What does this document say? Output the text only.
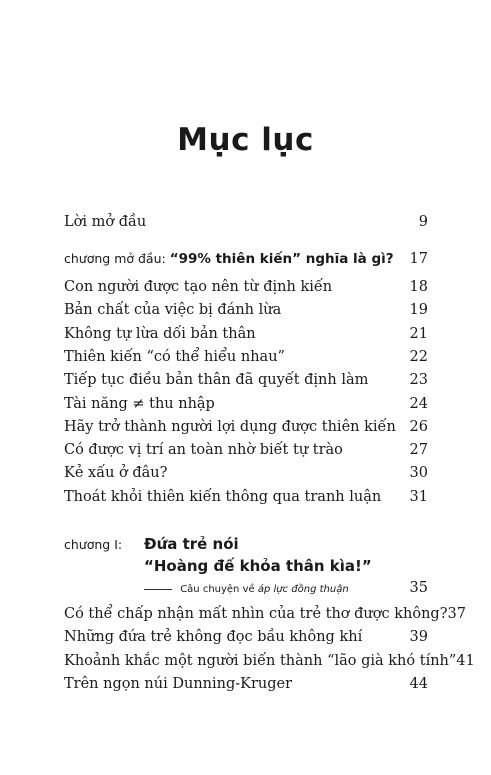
Mục lục
Lời mở đầu	9
chương mở đầu: “99% thiên kiến” nghĩa là gì? 17
Con người được tạo nên từ định kiến	18
Bản chất của việc bị đánh lừa	19
Không tự lừa dối bản thân	21
Thiên kiến “có thể hiểu nhau”	22
Tiếp tục điều bản thân đã quyết định làm	23
Tài năng ≠ thu nhập	24
Hãy trở thành người lợi dụng được thiên kiến 26
Có được vị trí an toàn nhờ biết tự trào	27
Kẻ xấu ở đâu?	30
Thoát khỏi thiên kiến thông qua tranh luận 31
chương I: Đứa trẻ nói
“Hoàng đế khỏa thân kìa!”
Câu chuyện về áp lực đồng thuận	35
Có thể chấp nhận mất nhìn của trẻ thơ được không? 37
Những đứa trẻ không đọc bầu không khí	39
Khoảnh khắc một người biến thành “lão già khó tính” 41
Trên ngọn núi Dunning-Kruger	44
